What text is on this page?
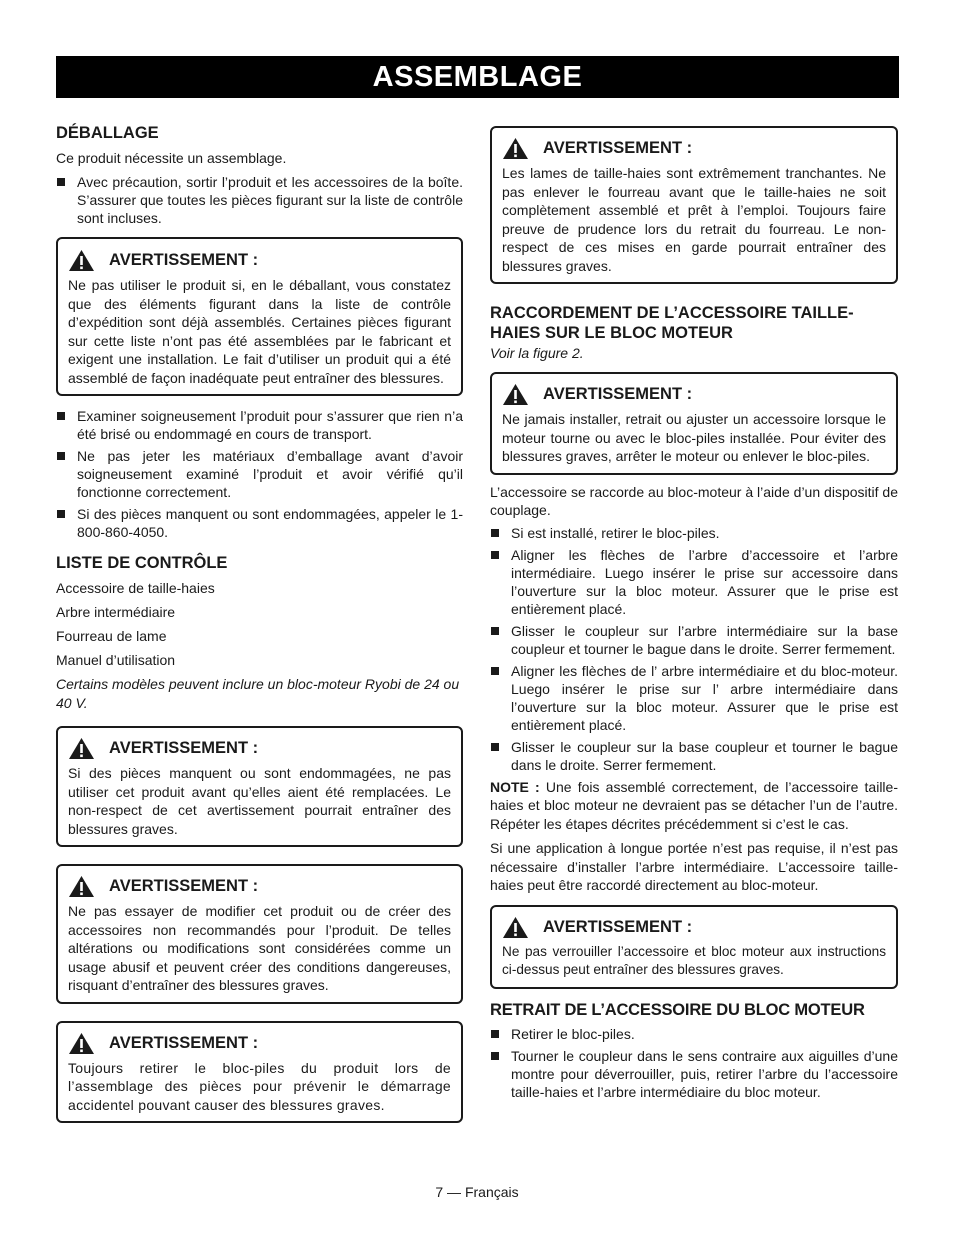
ASSEMBLAGE
DÉBALLAGE

Ce produit nécessite un assemblage.

Avec précaution, sortir l’produit et les accessoires de la boîte. S’assurer que toutes les pièces figurant sur la liste de contrôle sont incluses.
AVERTISSEMENT :
Ne pas utiliser le produit si, en le déballant, vous constatez que des éléments figurant dans la liste de contrôle d’expédition sont déjà assemblés. Certaines pièces figurant sur cette liste n’ont pas été assemblées par le fabricant et exigent une installation. Le fait d’utiliser un produit qui a été assemblé de façon inadéquate peut entraîner des blessures.
Examiner soigneusement l’produit pour s’assurer que rien n’a été brisé ou endommagé en cours de transport.
Ne pas jeter les matériaux d’emballage avant d’avoir soigneusement examiné l’produit et avoir vérifié qu’il fonctionne correctement.
Si des pièces manquent ou sont endommagées, appeler le 1-800-860-4050.
LISTE DE CONTRÔLE

Accessoire de taille-haies

Arbre intermédiaire

Fourreau de lame

Manuel d’utilisation

Certains modèles peuvent inclure un bloc-moteur Ryobi de 24 ou 40 V.

AVERTISSEMENT :
Si des pièces manquent ou sont endommagées, ne pas utiliser cet produit avant qu’elles aient été remplacées. Le non-respect de cet avertissement pourrait entraîner des blessures graves.
AVERTISSEMENT :
Ne pas essayer de modifier cet produit ou de créer des accessoires non recommandés pour l’produit. De telles altérations ou modifications sont considérées comme un usage abusif et peuvent créer des conditions dangereuses, risquant d’entraîner des blessures graves.
AVERTISSEMENT :
Toujours retirer le bloc-piles du produit lors de l’assemblage des pièces pour prévenir le démarrage accidentel pouvant causer des blessures graves.
AVERTISSEMENT :
Les lames de taille-haies sont extrêmement tranchantes. Ne pas enlever le fourreau avant que le taille-haies ne soit complètement assemblé et prêt à l’emploi. Toujours faire preuve de prudence lors du retrait du fourreau. Le non-respect de ces mises en garde pourrait entraîner des blessures graves.
RACCORDEMENT DE L’ACCESSOIRE TAILLE-HAIES SUR LE BLOC MOTEUR

Voir la figure 2.

AVERTISSEMENT :
Ne jamais installer, retrait ou ajuster un accessoire lorsque le moteur tourne ou avec le bloc-piles installée. Pour éviter des blessures graves, arrêter le moteur ou enlever le bloc-piles.

L’accessoire se raccorde au bloc-moteur à l’aide d’un dispositif de couplage.

Si est installé, retirer le bloc-piles.
Aligner les flèches de l’arbre d’accessoire et l’arbre intermédiaire. Luego insérer le prise sur accessoire dans l’ouverture sur la bloc moteur. Assurer que le prise est entièrement placé.
Glisser le coupleur sur l’arbre intermédiaire sur la base coupleur et tourner le bague dans le droite. Serrer fermement.
Aligner les flèches de l’ arbre intermédiaire et du bloc-moteur. Luego insérer le prise sur l’ arbre intermédiaire dans l’ouverture sur la bloc moteur. Assurer que le prise est entièrement placé.
Glisser le coupleur sur la base coupleur et tourner le bague dans le droite. Serrer fermement.

NOTE : Une fois assemblé correctement, de l’accessoire taille-haies et bloc moteur ne devraient pas se détacher l’un de l’autre. Répéter les étapes décrites précédemment si c’est le cas.

Si une application à longue portée n’est pas requise, il n’est pas nécessaire d’installer l’arbre intermédiaire. L’accessoire taille-haies peut être raccordé directement au bloc-moteur.

AVERTISSEMENT :
Ne pas verrouiller l’accessoire et bloc moteur aux instructions ci-dessus peut entraîner des blessures graves.
RETRAIT DE L’ACCESSOIRE DU BLOC MOTEUR
Retirer le bloc-piles.
Tourner le coupleur dans le sens contraire aux aiguilles d’une montre pour déverrouiller, puis, retirer l’arbre du l’accessoire taille-haies et l’arbre intermédiaire du bloc moteur.
7 — Français
